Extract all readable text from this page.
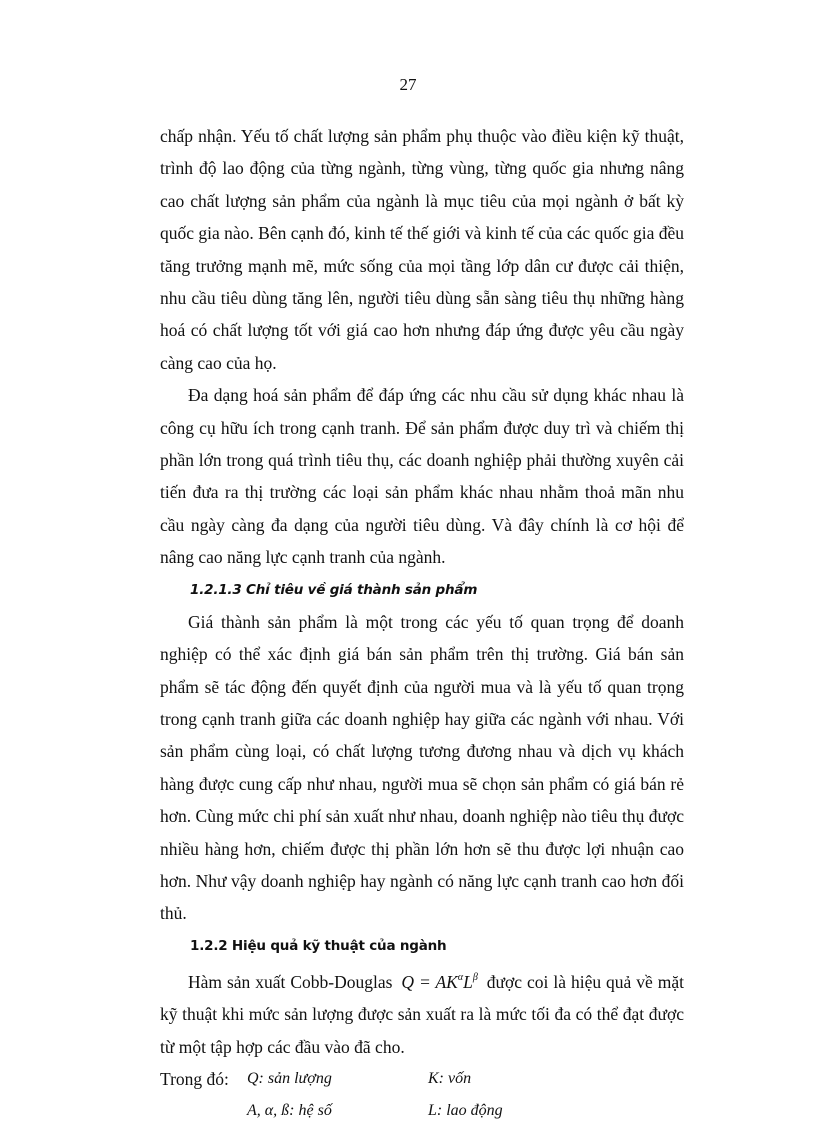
27

chấp nhận. Yếu tố chất lượng sản phẩm phụ thuộc vào điều kiện kỹ thuật, trình độ lao động của từng ngành, từng vùng, từng quốc gia nhưng nâng cao chất lượng sản phẩm của ngành là mục tiêu của mọi ngành ở bất kỳ quốc gia nào. Bên cạnh đó, kinh tế thế giới và kinh tế của các quốc gia đều tăng trưởng mạnh mẽ, mức sống của mọi tầng lớp dân cư được cải thiện, nhu cầu tiêu dùng tăng lên, người tiêu dùng sẵn sàng tiêu thụ những hàng hoá có chất lượng tốt với giá cao hơn nhưng đáp ứng được yêu cầu ngày càng cao của họ.

Đa dạng hoá sản phẩm để đáp ứng các nhu cầu sử dụng khác nhau là công cụ hữu ích trong cạnh tranh. Để sản phẩm được duy trì và chiếm thị phần lớn trong quá trình tiêu thụ, các doanh nghiệp phải thường xuyên cải tiến đưa ra thị trường các loại sản phẩm khác nhau nhằm thoả mãn nhu cầu ngày càng đa dạng của người tiêu dùng. Và đây chính là cơ hội để nâng cao năng lực cạnh tranh của ngành.

1.2.1.3 Chỉ tiêu về giá thành sản phẩm

Giá thành sản phẩm là một trong các yếu tố quan trọng để doanh nghiệp có thể xác định giá bán sản phẩm trên thị trường. Giá bán sản phẩm sẽ tác động đến quyết định của người mua và là yếu tố quan trọng trong cạnh tranh giữa các doanh nghiệp hay giữa các ngành với nhau. Với sản phẩm cùng loại, có chất lượng tương đương nhau và dịch vụ khách hàng được cung cấp như nhau, người mua sẽ chọn sản phẩm có giá bán rẻ hơn. Cùng mức chi phí sản xuất như nhau, doanh nghiệp nào tiêu thụ được nhiều hàng hơn, chiếm được thị phần lớn hơn sẽ thu được lợi nhuận cao hơn. Như vậy doanh nghiệp hay ngành có năng lực cạnh tranh cao hơn đối thủ.

1.2.2 Hiệu quả kỹ thuật của ngành

Hàm sản xuất Cobb-Douglas $Q = AK^\alpha L^\beta$ được coi là hiệu quả về mặt kỹ thuật khi mức sản lượng được sản xuất ra là mức tối đa có thể đạt được từ một tập hợp các đầu vào đã cho.

Trong đó: Q: sản lượng	K: vốn
A, α, ß: hệ số	L: lao động
